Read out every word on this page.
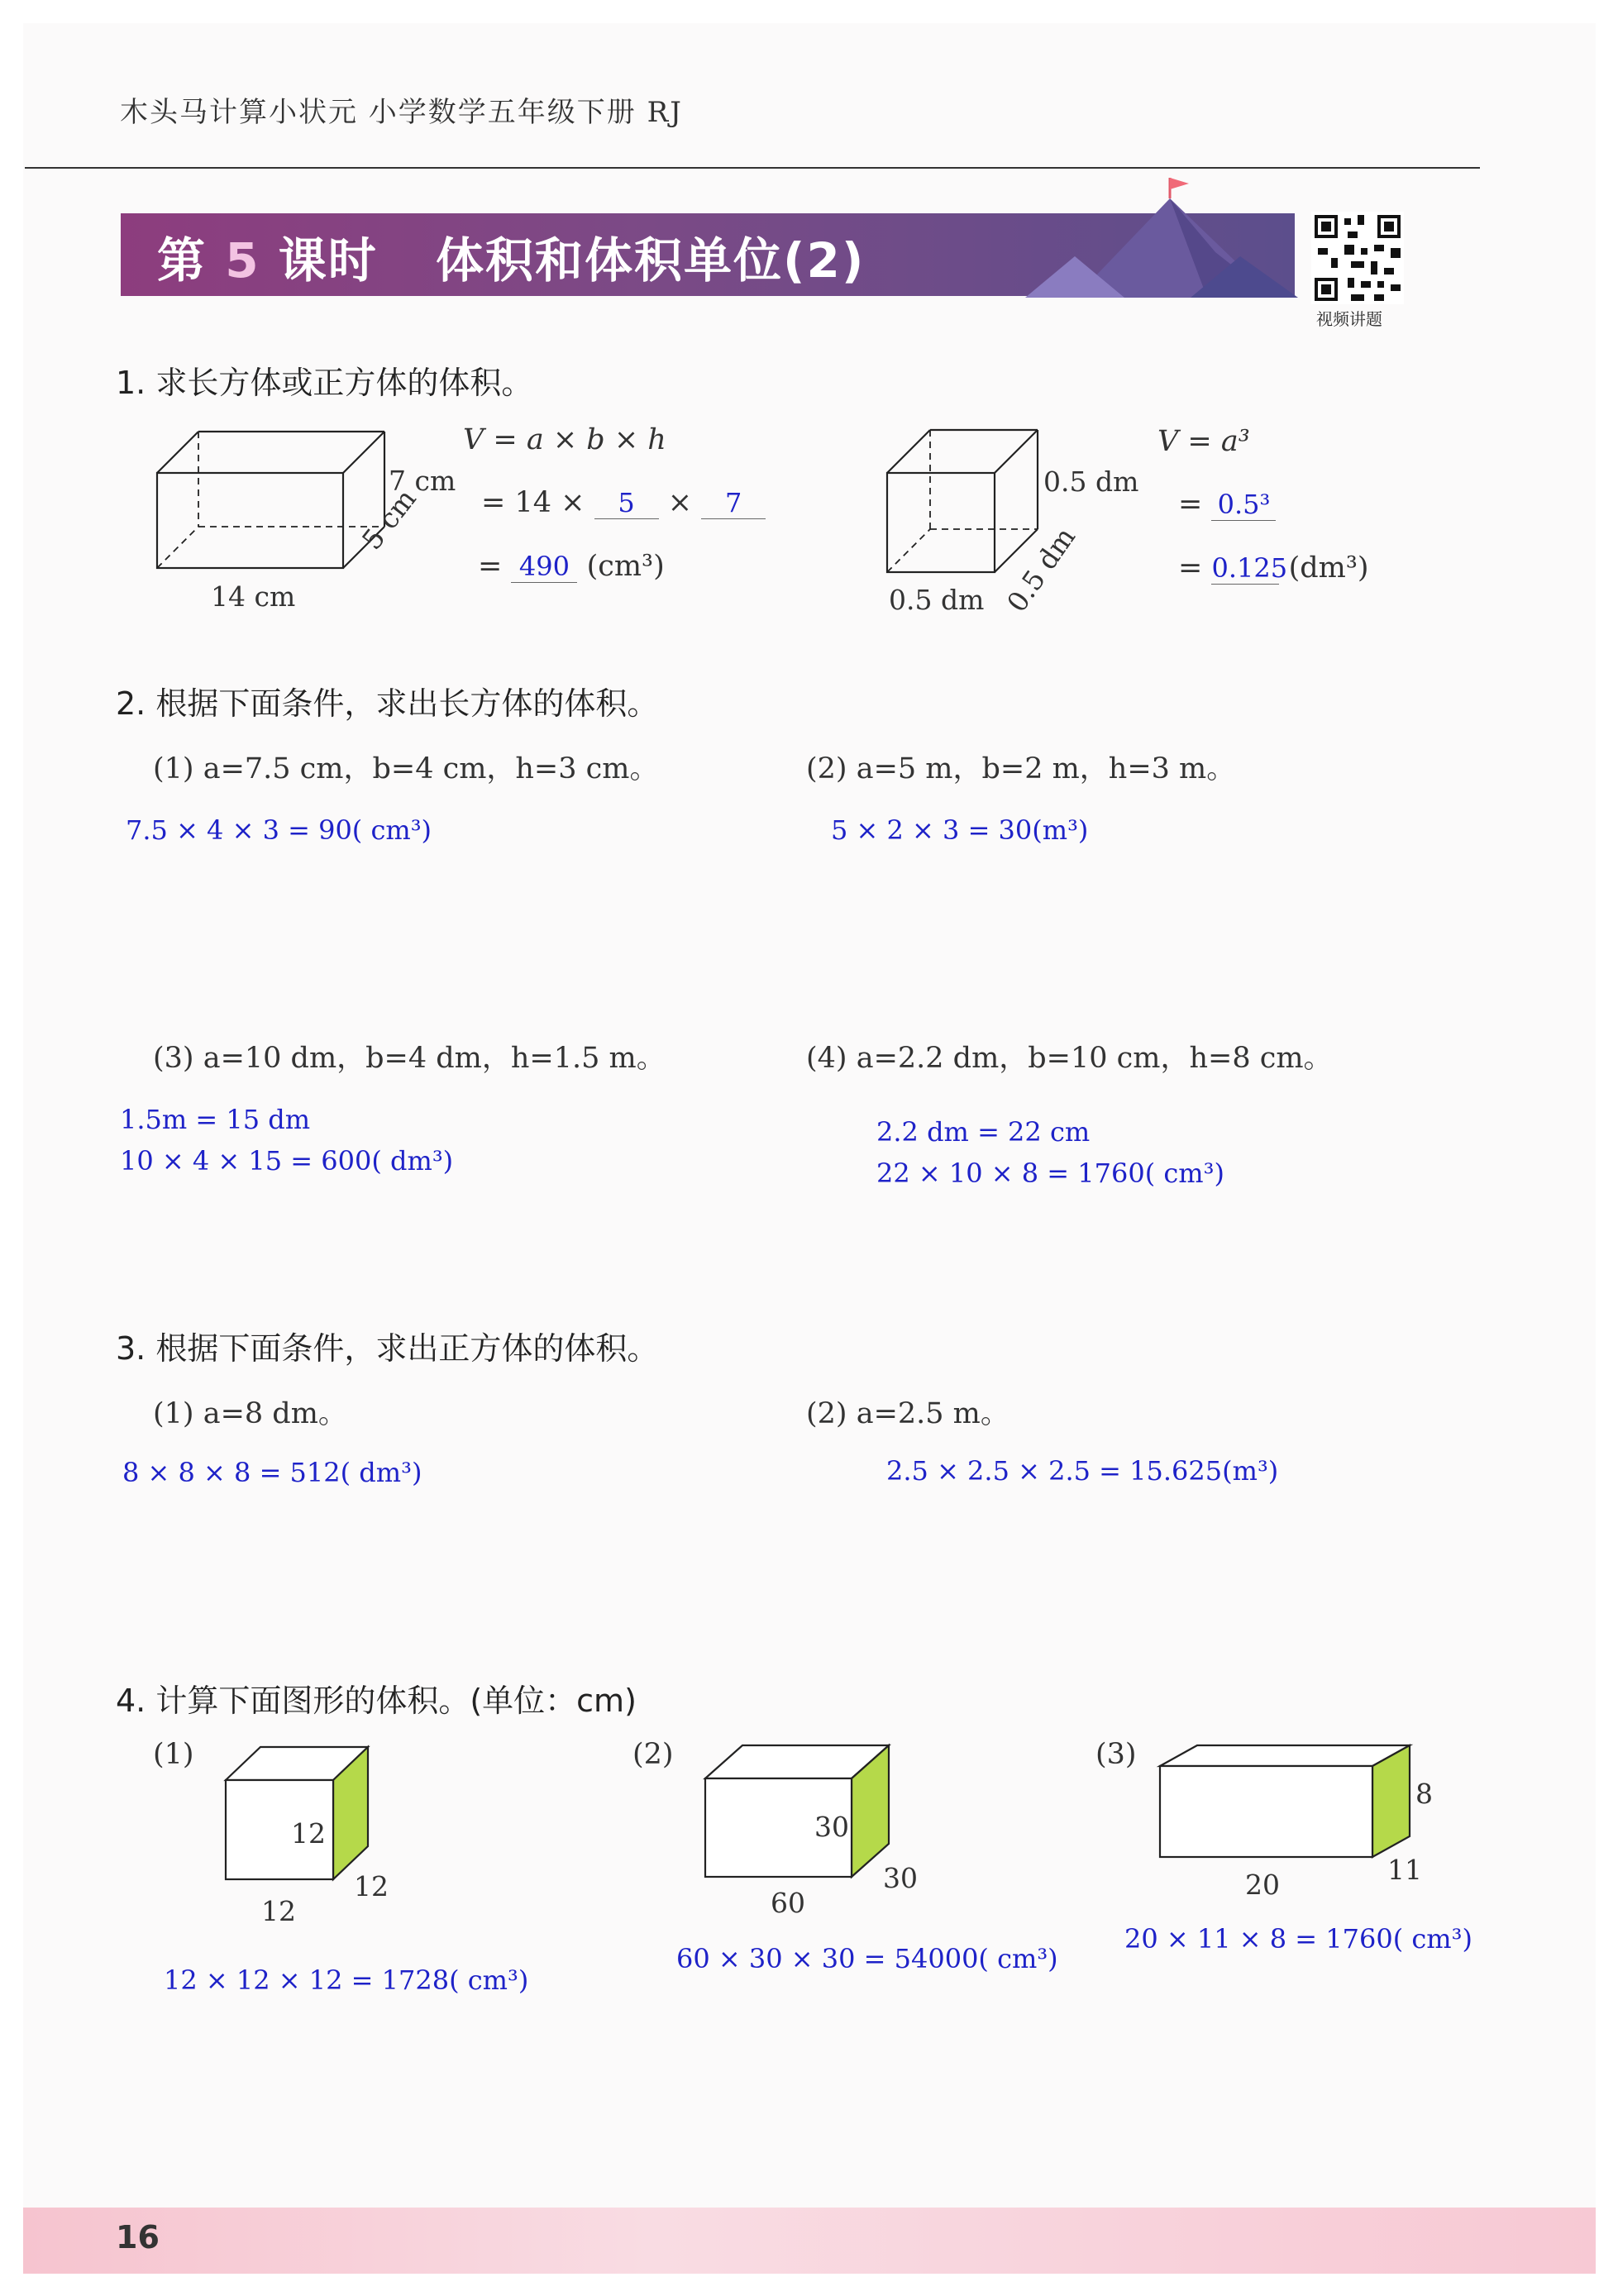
木头马计算小状元 小学数学五年级下册 RJ
第 5 课时 体积和体积单位(2)
视频讲题
1. 求长方体或正方体的体积。
7 cm
5 cm
14 cm
V = a × b × h
= 14 × 5 × 7
= 490 (cm³)
0.5 dm
0.5 dm
0.5 dm
V = a³
= 0.5³
= 0.125 (dm³)
2. 根据下面条件，求出长方体的体积。
(1) a=7.5 cm，b=4 cm，h=3 cm。
7.5 × 4 × 3 = 90( cm³)
(2) a=5 m，b=2 m，h=3 m。
5 × 2 × 3 = 30(m³)
(3) a=10 dm，b=4 dm，h=1.5 m。
1.5m = 15 dm
10 × 4 × 15 = 600( dm³)
(4) a=2.2 dm，b=10 cm，h=8 cm。
2.2 dm = 22 cm
22 × 10 × 8 = 1760( cm³)
3. 根据下面条件，求出正方体的体积。
(1) a=8 dm。
8 × 8 × 8 = 512( dm³)
(2) a=2.5 m。
2.5 × 2.5 × 2.5 = 15.625(m³)
4. 计算下面图形的体积。(单位：cm)
(1)
12
12
12
12 × 12 × 12 = 1728( cm³)
(2)
30
30
60
60 × 30 × 30 = 54000( cm³)
(3)
8
11
20
20 × 11 × 8 = 1760( cm³)
16
